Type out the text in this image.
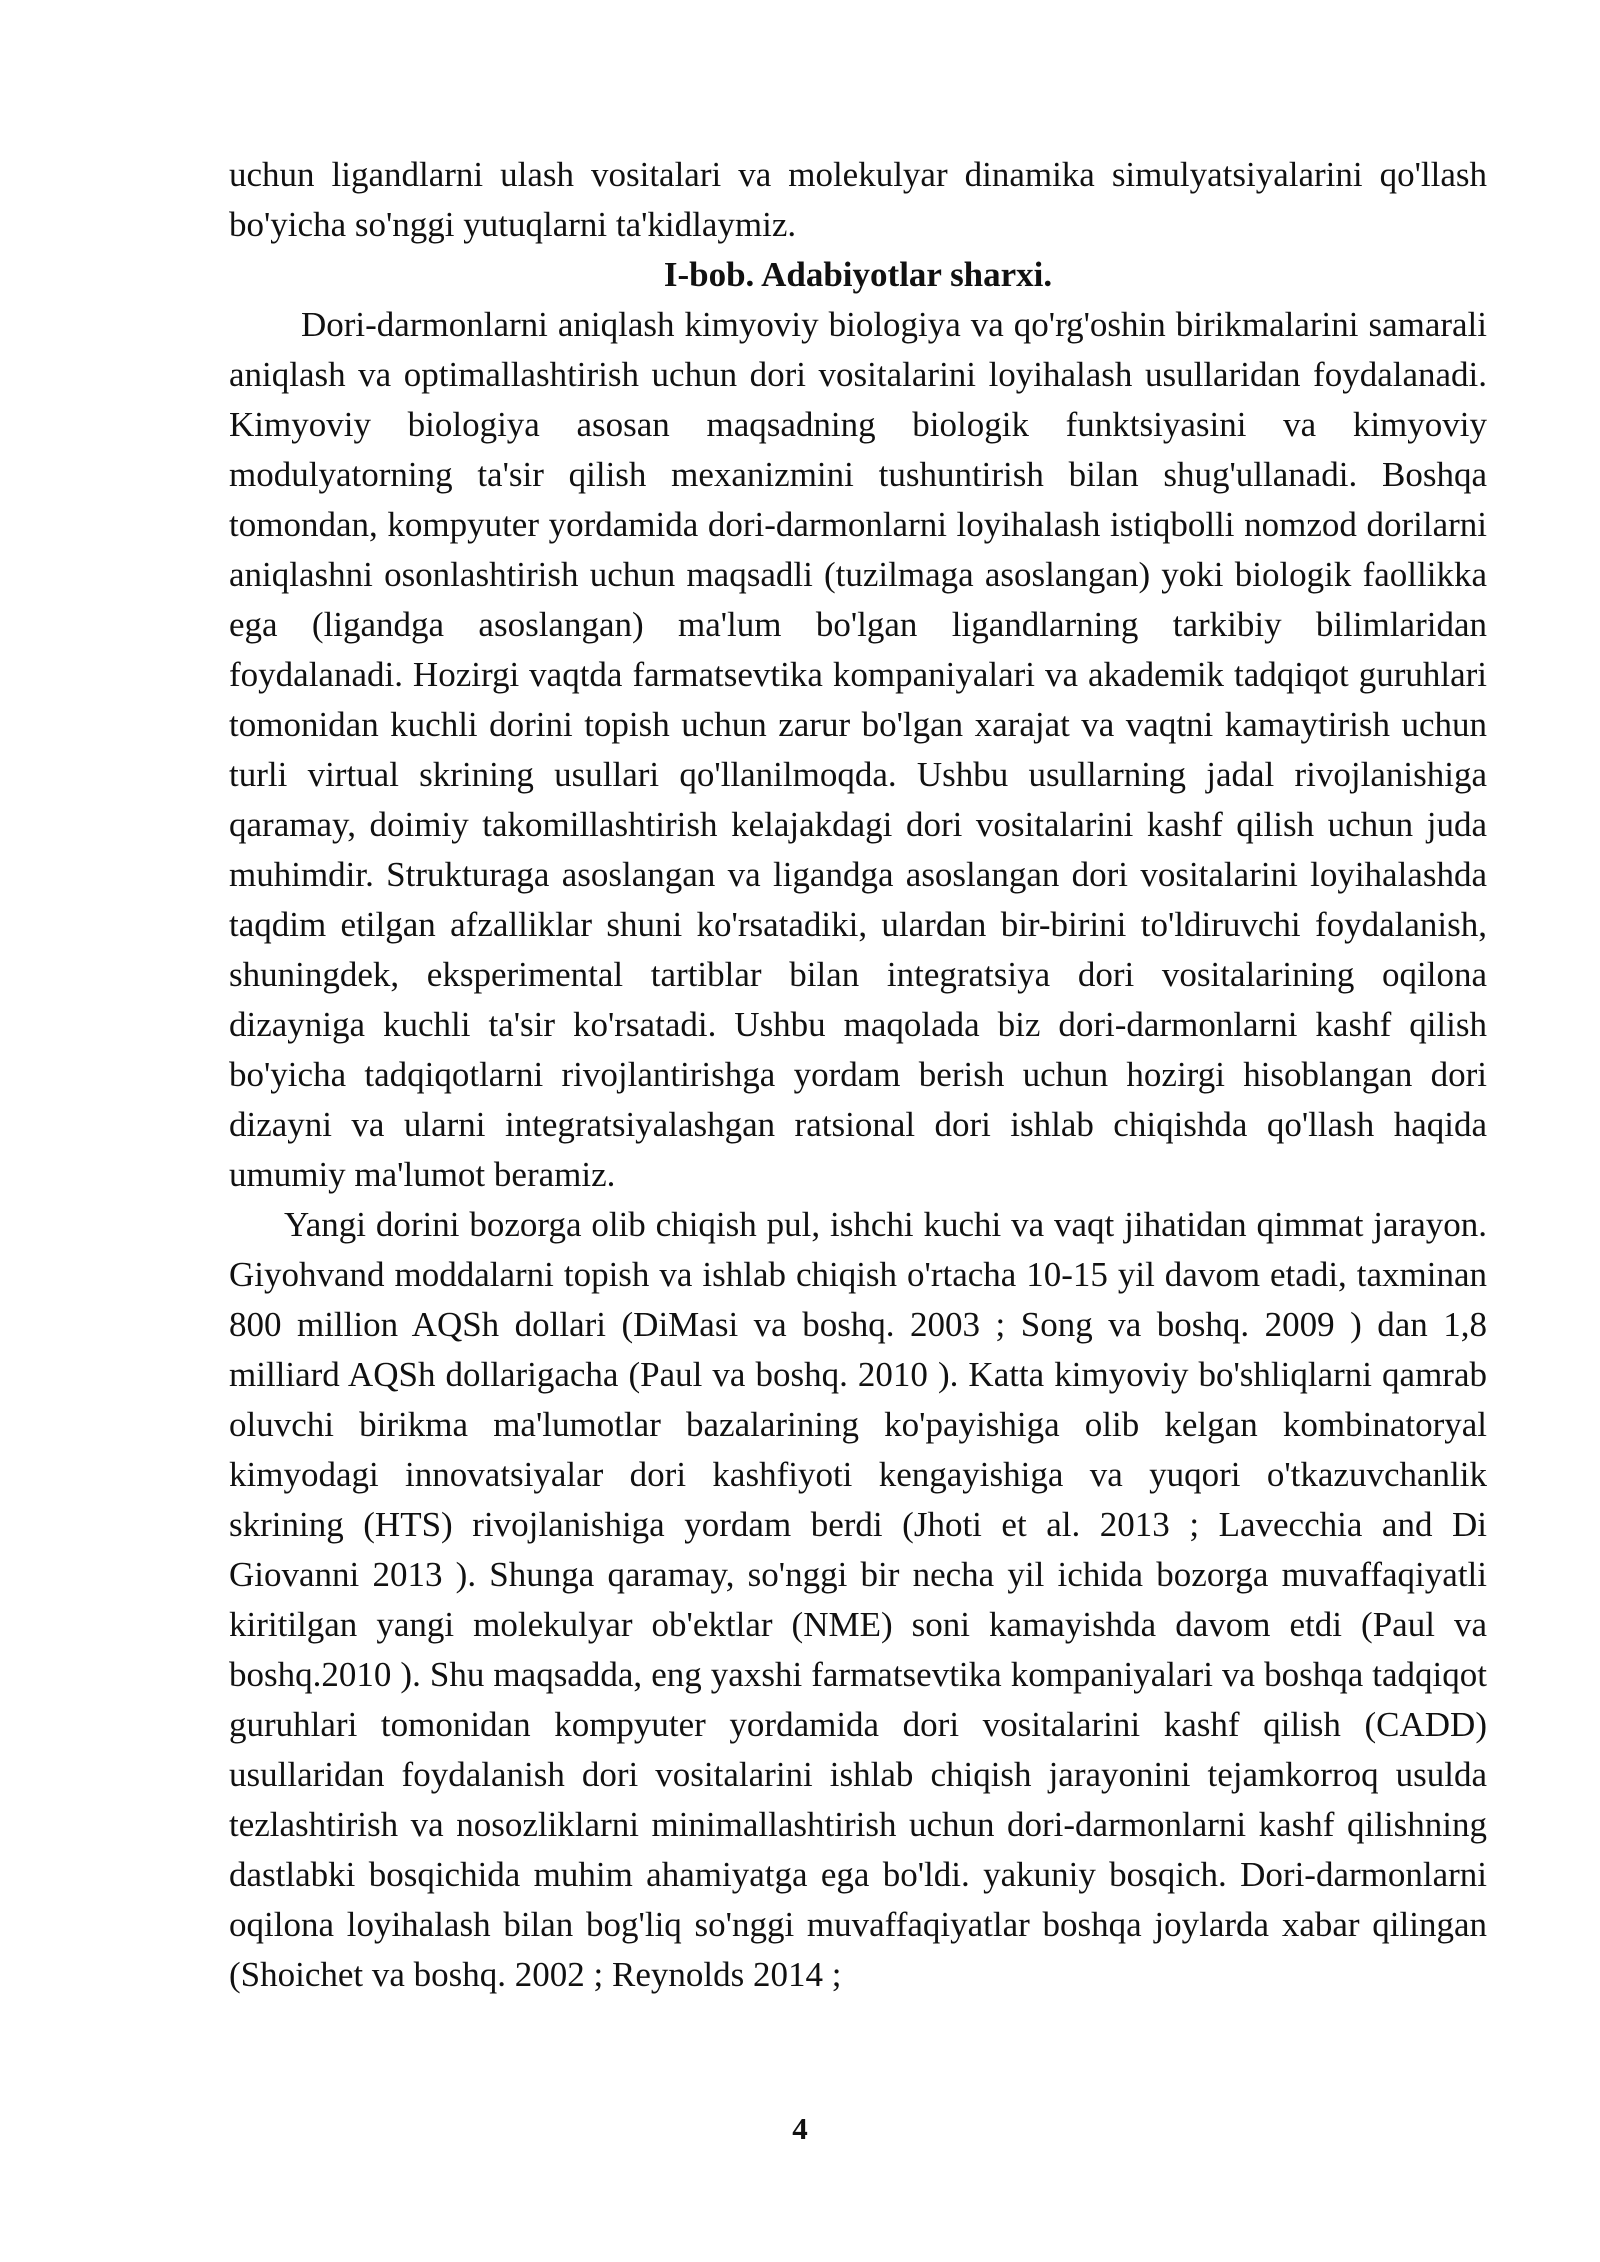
uchun ligandlarni ulash vositalari va molekulyar dinamika simulyatsiyalarini qo'llash bo'yicha so'nggi yutuqlarni ta'kidlaymiz.

I-bob. Adabiyotlar sharxi.

Dori-darmonlarni aniqlash kimyoviy biologiya va qo'rg'oshin birikmalarini samarali aniqlash va optimallashtirish uchun dori vositalarini loyihalash usullaridan foydalanadi. Kimyoviy biologiya asosan maqsadning biologik funktsiyasini va kimyoviy modulyatorning ta'sir qilish mexanizmini tushuntirish bilan shug'ullanadi. Boshqa tomondan, kompyuter yordamida dori-darmonlarni loyihalash istiqbolli nomzod dorilarni aniqlashni osonlashtirish uchun maqsadli (tuzilmaga asoslangan) yoki biologik faollikka ega (ligandga asoslangan) ma'lum bo'lgan ligandlarning tarkibiy bilimlaridan foydalanadi. Hozirgi vaqtda farmatsevtika kompaniyalari va akademik tadqiqot guruhlari tomonidan kuchli dorini topish uchun zarur bo'lgan xarajat va vaqtni kamaytirish uchun turli virtual skrining usullari qo'llanilmoqda. Ushbu usullarning jadal rivojlanishiga qaramay, doimiy takomillashtirish kelajakdagi dori vositalarini kashf qilish uchun juda muhimdir. Strukturaga asoslangan va ligandga asoslangan dori vositalarini loyihalashda taqdim etilgan afzalliklar shuni ko'rsatadiki, ulardan bir-birini to'ldiruvchi foydalanish, shuningdek, eksperimental tartiblar bilan integratsiya dori vositalarining oqilona dizayniga kuchli ta'sir ko'rsatadi. Ushbu maqolada biz dori-darmonlarni kashf qilish bo'yicha tadqiqotlarni rivojlantirishga yordam berish uchun hozirgi hisoblangan dori dizayni va ularni integratsiyalashgan ratsional dori ishlab chiqishda qo'llash haqida umumiy ma'lumot beramiz.

Yangi dorini bozorga olib chiqish pul, ishchi kuchi va vaqt jihatidan qimmat jarayon. Giyohvand moddalarni topish va ishlab chiqish o'rtacha 10-15 yil davom etadi, taxminan 800 million AQSh dollari (DiMasi va boshq. 2003 ; Song va boshq. 2009 ) dan 1,8 milliard AQSh dollarigacha (Paul va boshq. 2010 ). Katta kimyoviy bo'shliqlarni qamrab oluvchi birikma ma'lumotlar bazalarining ko'payishiga olib kelgan kombinatoryal kimyodagi innovatsiyalar dori kashfiyoti kengayishiga va yuqori o'tkazuvchanlik skrining (HTS) rivojlanishiga yordam berdi (Jhoti et al. 2013 ; Lavecchia and Di Giovanni 2013 ). Shunga qaramay, so'nggi bir necha yil ichida bozorga muvaffaqiyatli kiritilgan yangi molekulyar ob'ektlar (NME) soni kamayishda davom etdi (Paul va boshq.2010 ). Shu maqsadda, eng yaxshi farmatsevtika kompaniyalari va boshqa tadqiqot guruhlari tomonidan kompyuter yordamida dori vositalarini kashf qilish (CADD) usullaridan foydalanish dori vositalarini ishlab chiqish jarayonini tejamkorroq usulda tezlashtirish va nosozliklarni minimallashtirish uchun dori-darmonlarni kashf qilishning dastlabki bosqichida muhim ahamiyatga ega bo'ldi. yakuniy bosqich. Dori-darmonlarni oqilona loyihalash bilan bog'liq so'nggi muvaffaqiyatlar boshqa joylarda xabar qilingan (Shoichet va boshq. 2002 ; Reynolds 2014 ;

4
